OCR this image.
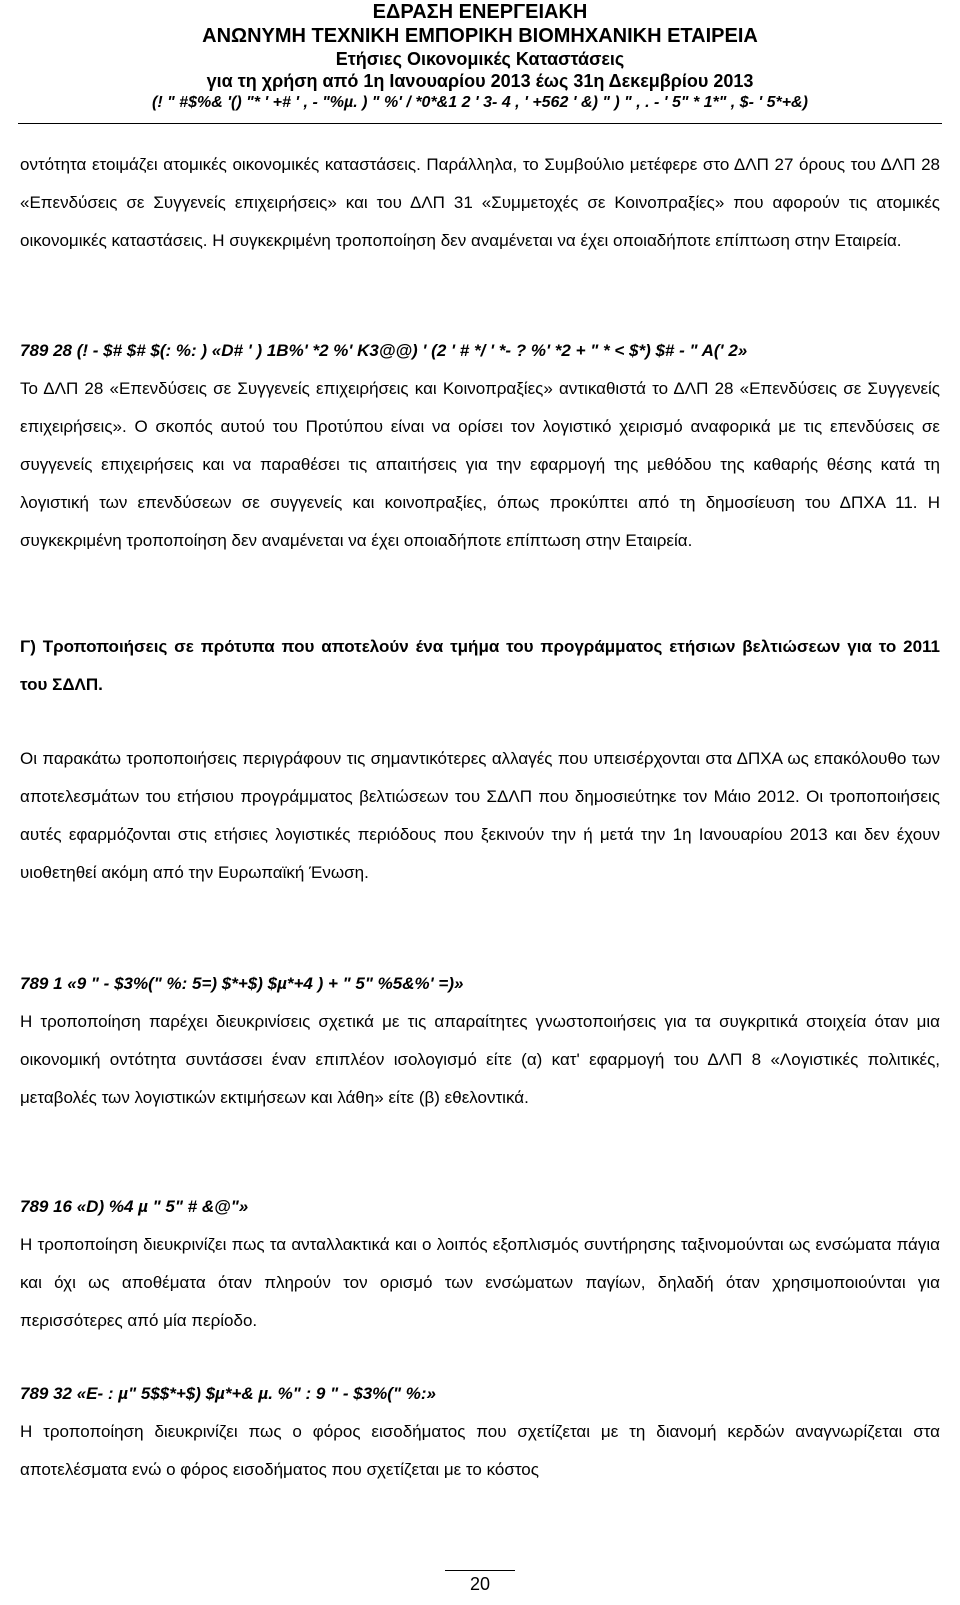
ΕΔΡΑΣΗ ΕΝΕΡΓΕΙΑΚΗ

ΑΝΩΝΥΜΗ ΤΕΧΝΙΚΗ ΕΜΠΟΡΙΚΗ ΒΙΟΜΗΧΑΝΙΚΗ ΕΤΑΙΡΕΙΑ

Ετήσιες Οικονομικές Καταστάσεις

για τη χρήση από 1η Ιανουαρίου 2013 έως 31η Δεκεμβρίου 2013

(! " #$%& '() "* ' +# ' , - "%µ. ) " %' / *0*&1 2 ' 3- 4 , ' +562 ' &) " ) " , . - ' 5" * 1*" , $- ' 5*+&)

οντότητα ετοιμάζει ατομικές οικονομικές καταστάσεις. Παράλληλα, το Συμβούλιο μετέφερε στο ΔΛΠ 27 όρους του ΔΛΠ 28 «Επενδύσεις σε Συγγενείς επιχειρήσεις» και του ΔΛΠ 31 «Συμμετοχές σε Κοινοπραξίες» που αφορούν τις ατομικές οικονομικές καταστάσεις. Η συγκεκριμένη τροποποίηση δεν αναμένεται να έχει οποιαδήποτε επίπτωση στην Εταιρεία.

789 28 (! - $# $# $(: %: ) «D# ' ) 1B%' *2 %' K3@@) ' (2 ' # */ ' *- ? %' *2 + " * < $*) $# - " A(' 2»

Το ΔΛΠ 28 «Επενδύσεις σε Συγγενείς επιχειρήσεις και Κοινοπραξίες» αντικαθιστά το ΔΛΠ 28 «Επενδύσεις σε Συγγενείς επιχειρήσεις». Ο σκοπός αυτού του Προτύπου είναι να ορίσει τον λογιστικό χειρισμό αναφορικά με τις επενδύσεις σε συγγενείς επιχειρήσεις και να παραθέσει τις απαιτήσεις για την εφαρμογή της μεθόδου της καθαρής θέσης κατά τη λογιστική των επενδύσεων σε συγγενείς και κοινοπραξίες, όπως προκύπτει από τη δημοσίευση του ΔΠΧΑ 11. Η συγκεκριμένη τροποποίηση δεν αναμένεται να έχει οποιαδήποτε επίπτωση στην Εταιρεία.

Γ) Τροποποιήσεις σε πρότυπα που αποτελούν ένα τμήμα του προγράμματος ετήσιων βελτιώσεων για το 2011 του ΣΔΛΠ.

Οι παρακάτω τροποποιήσεις περιγράφουν τις σημαντικότερες αλλαγές που υπεισέρχονται στα ΔΠΧΑ ως επακόλουθο των αποτελεσμάτων του ετήσιου προγράμματος βελτιώσεων του ΣΔΛΠ που δημοσιεύτηκε τον Μάιο 2012. Οι τροποποιήσεις αυτές εφαρμόζονται στις ετήσιες λογιστικές περιόδους που ξεκινούν την ή μετά την 1η Ιανουαρίου 2013 και δεν έχουν υιοθετηθεί ακόμη από την Ευρωπαϊκή Ένωση.

789 1 «9 " - $3%(" %: 5=) $*+$) $µ*+4 ) + " 5" %5&%' =)»

Η τροποποίηση παρέχει διευκρινίσεις σχετικά με τις απαραίτητες γνωστοποιήσεις για τα συγκριτικά στοιχεία όταν μια οικονομική οντότητα συντάσσει έναν επιπλέον ισολογισμό είτε (α) κατ' εφαρμογή του ΔΛΠ 8 «Λογιστικές πολιτικές, μεταβολές των λογιστικών εκτιμήσεων και λάθη» είτε (β) εθελοντικά.

789 16 «D) %4 µ " 5" # &@"»

Η τροποποίηση διευκρινίζει πως τα ανταλλακτικά και ο λοιπός εξοπλισμός συντήρησης ταξινομούνται ως ενσώματα πάγια και όχι ως αποθέματα όταν πληρούν τον ορισμό των ενσώματων παγίων, δηλαδή όταν χρησιμοποιούνται για περισσότερες από μία περίοδο.

789 32 «E- : µ" 5$$*+$) $µ*+& µ. %" : 9 " - $3%(" %:»

Η τροποποίηση διευκρινίζει πως ο φόρος εισοδήματος που σχετίζεται με τη διανομή κερδών αναγνωρίζεται στα αποτελέσματα ενώ ο φόρος εισοδήματος που σχετίζεται με το κόστος

20
